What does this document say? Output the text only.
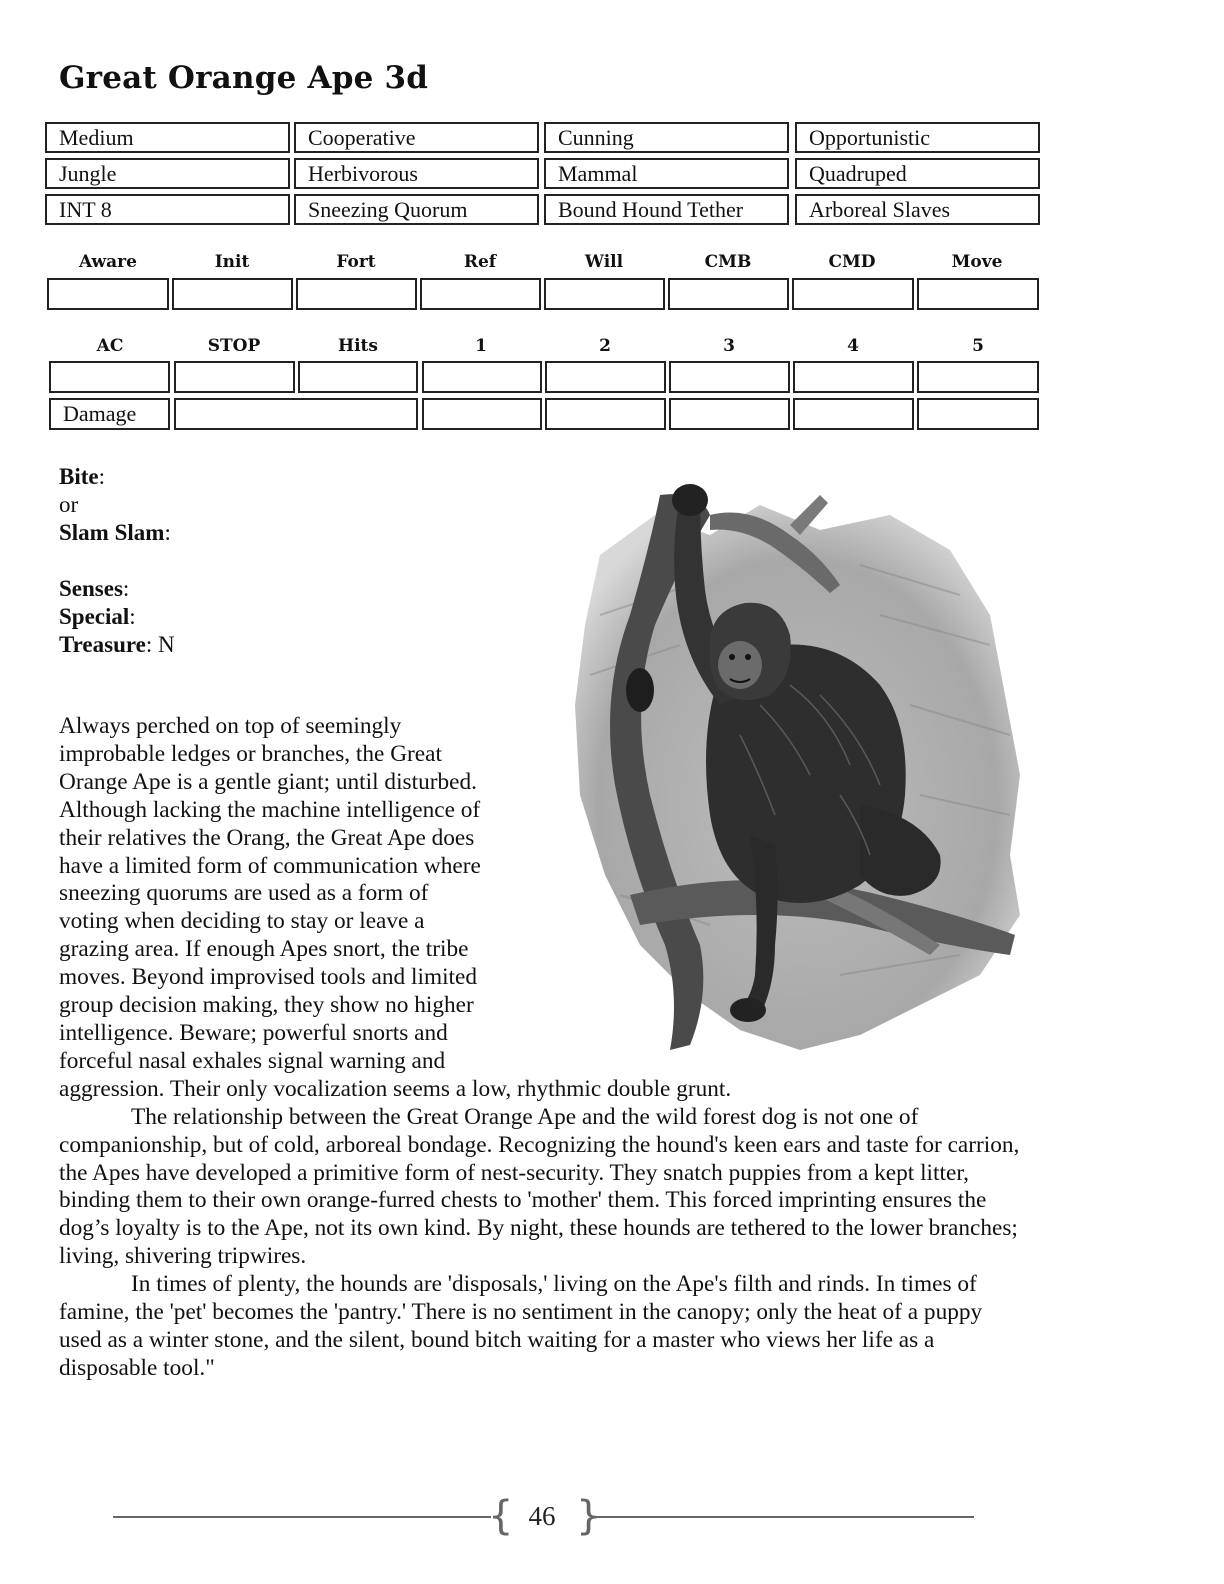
Great Orange Ape 3d
Medium	Cooperative	Cunning	Opportunistic
Jungle	Herbivorous	Mammal	Quadruped
INT 8	Sneezing Quorum	Bound Hound Tether	Arboreal Slaves
Aware	Init	Fort	Ref	Will	CMB	CMD	Move
AC	STOP	Hits	1	2	3	4	5
Damage
Bite:
or
Slam Slam:
Senses:
Special:
Treasure: N

Always perched on top of seemingly
improbable ledges or branches, the Great
Orange Ape is a gentle giant; until disturbed.
Although lacking the machine intelligence of
their relatives the Orang, the Great Ape does
have a limited form of communication where
sneezing quorums are used as a form of
voting when deciding to stay or leave a
grazing area. If enough Apes snort, the tribe
moves. Beyond improvised tools and limited
group decision making, they show no higher
intelligence. Beware; powerful snorts and
forceful nasal exhales signal warning and
aggression. Their only vocalization seems a low, rhythmic double grunt.

The relationship between the Great Orange Ape and the wild forest dog is not one of companionship, but of cold, arboreal bondage. Recognizing the hound's keen ears and taste for carrion, the Apes have developed a primitive form of nest-security. They snatch puppies from a kept litter, binding them to their own orange-furred chests to 'mother' them. This forced imprinting ensures the dog’s loyalty is to the Ape, not its own kind. By night, these hounds are tethered to the lower branches; living, shivering tripwires.

In times of plenty, the hounds are 'disposals,' living on the Ape's filth and rinds. In times of famine, the 'pet' becomes the 'pantry.' There is no sentiment in the canopy; only the heat of a puppy used as a winter stone, and the silent, bound bitch waiting for a master who views her life as a disposable tool."

{ }
46
